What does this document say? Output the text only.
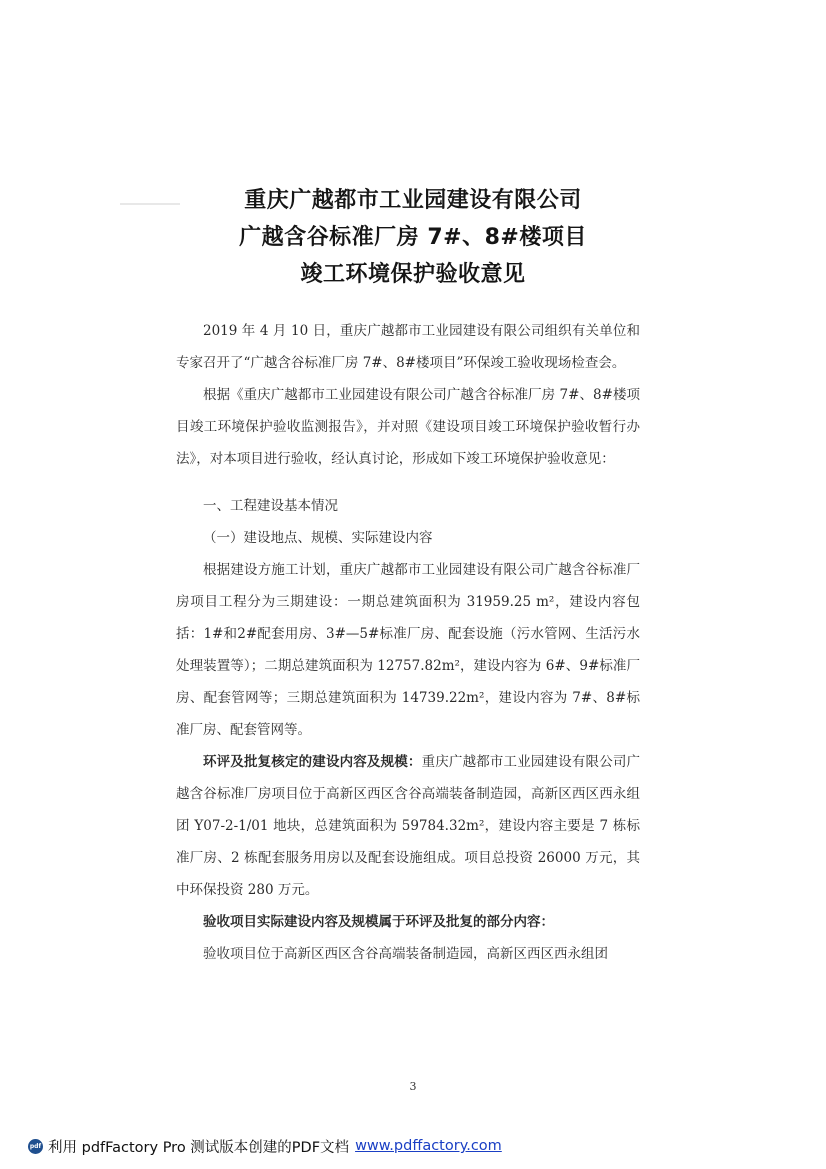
重庆广越都市工业园建设有限公司
广越含谷标准厂房 7#、8#楼项目
竣工环境保护验收意见

2019 年 4 月 10 日，重庆广越都市工业园建设有限公司组织有关单位和专家召开了“广越含谷标准厂房 7#、8#楼项目”环保竣工验收现场检查会。

根据《重庆广越都市工业园建设有限公司广越含谷标准厂房 7#、8#楼项目竣工环境保护验收监测报告》，并对照《建设项目竣工环境保护验收暂行办法》，对本项目进行验收，经认真讨论，形成如下竣工环境保护验收意见：

一、工程建设基本情况

（一）建设地点、规模、实际建设内容

根据建设方施工计划，重庆广越都市工业园建设有限公司广越含谷标准厂房项目工程分为三期建设：一期总建筑面积为 31959.25 m²，建设内容包括：1#和2#配套用房、3#—5#标准厂房、配套设施（污水管网、生活污水处理装置等）；二期总建筑面积为 12757.82m²，建设内容为 6#、9#标准厂房、配套管网等；三期总建筑面积为 14739.22m²，建设内容为 7#、8#标准厂房、配套管网等。

环评及批复核定的建设内容及规模：重庆广越都市工业园建设有限公司广越含谷标准厂房项目位于高新区西区含谷高端装备制造园，高新区西区西永组团 Y07-2-1/01 地块，总建筑面积为 59784.32m²，建设内容主要是 7 栋标准厂房、2 栋配套服务用房以及配套设施组成。项目总投资 26000 万元，其中环保投资 280 万元。

验收项目实际建设内容及规模属于环评及批复的部分内容：

验收项目位于高新区西区含谷高端装备制造园，高新区西区西永组团

3
pdf 利用 pdfFactory Pro 测试版本创建的PDF文档 www.pdffactory.com
